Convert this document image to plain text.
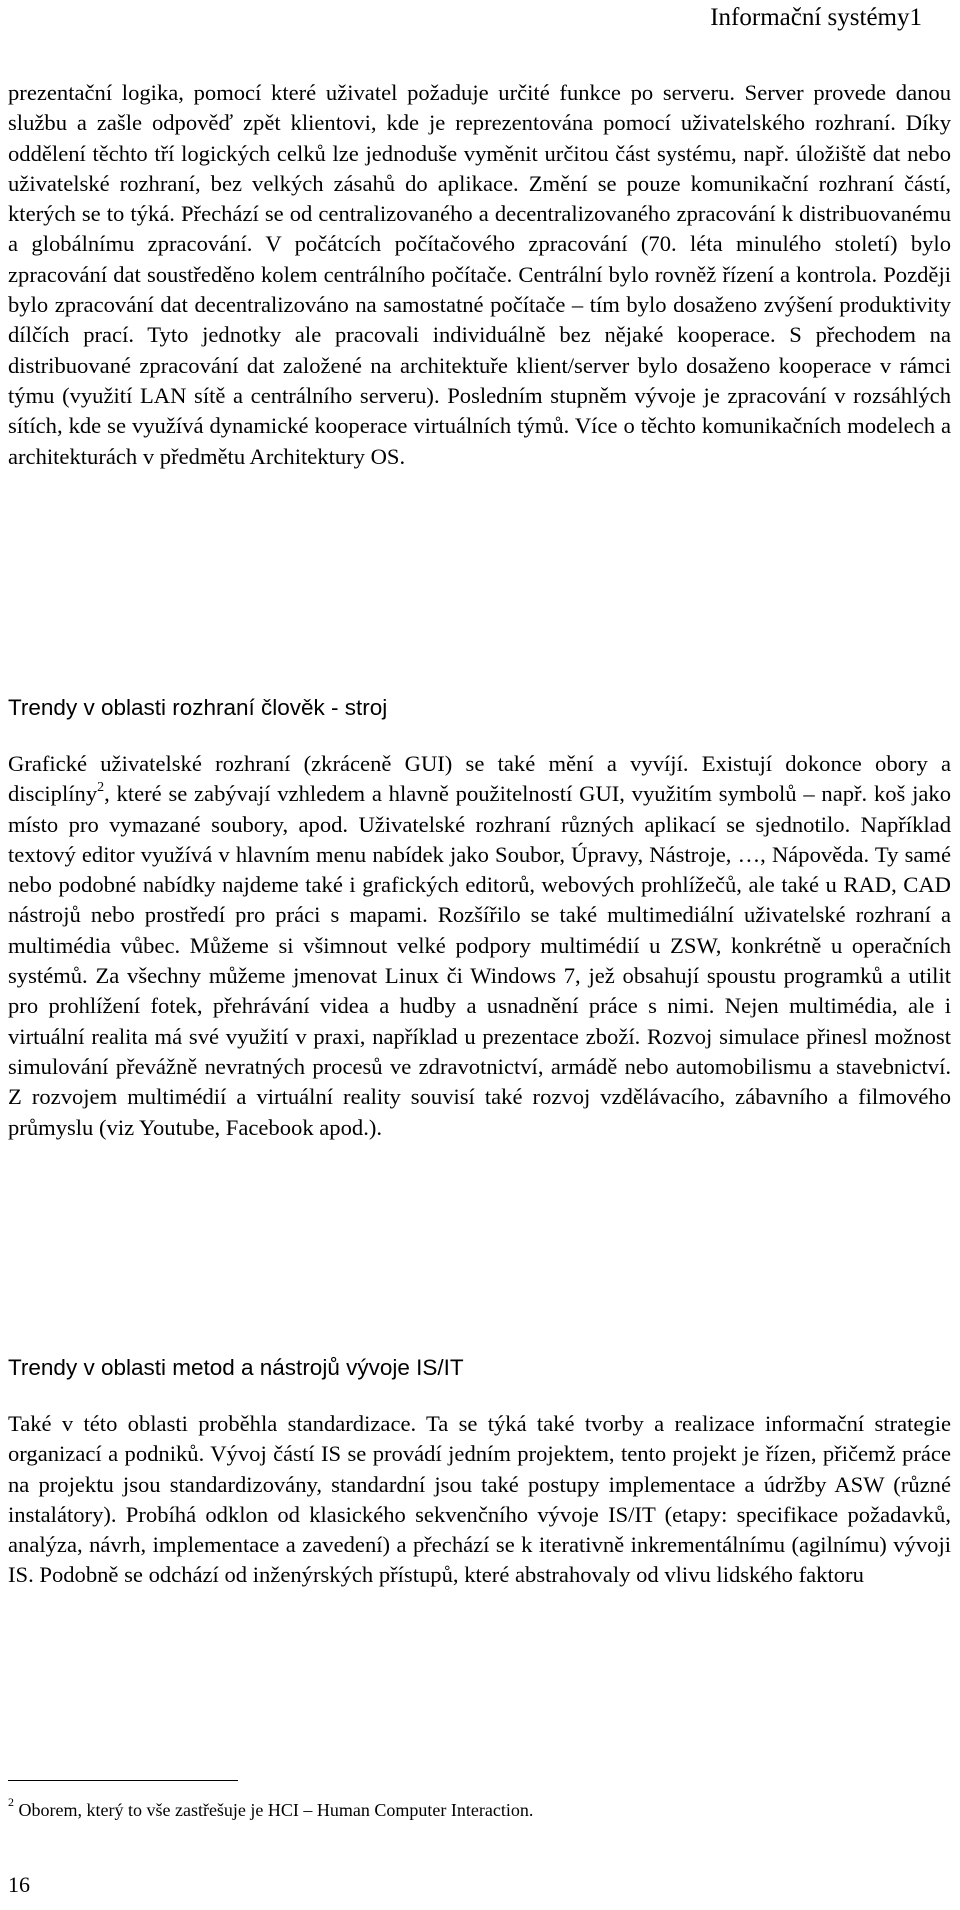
Informační systémy1

prezentační logika, pomocí které uživatel požaduje určité funkce po serveru. Server provede danou službu a zašle odpověď zpět klientovi, kde je reprezentována pomocí uživatelského rozhraní. Díky oddělení těchto tří logických celků lze jednoduše vyměnit určitou část systému, např. úložiště dat nebo uživatelské rozhraní, bez velkých zásahů do aplikace. Změní se pouze komunikační rozhraní částí, kterých se to týká. Přechází se od centralizovaného a decentralizovaného zpracování k distribuovanému a globálnímu zpracování. V počátcích počítačového zpracování (70. léta minulého století) bylo zpracování dat soustředěno kolem centrálního počítače. Centrální bylo rovněž řízení a kontrola. Později bylo zpracování dat decentralizováno na samostatné počítače – tím bylo dosaženo zvýšení produktivity dílčích prací. Tyto jednotky ale pracovali individuálně bez nějaké kooperace. S přechodem na distribuované zpracování dat založené na architektuře klient/server bylo dosaženo kooperace v rámci týmu (využití LAN sítě a centrálního serveru). Posledním stupněm vývoje je zpracování v rozsáhlých sítích, kde se využívá dynamické kooperace virtuálních týmů. Více o těchto komunikačních modelech a architekturách v předmětu Architektury OS.

Trendy v oblasti rozhraní člověk - stroj

Grafické uživatelské rozhraní (zkráceně GUI) se také mění a vyvíjí. Existují dokonce obory a disciplíny$^2$, které se zabývají vzhledem a hlavně použitelností GUI, využitím symbolů – např. koš jako místo pro vymazané soubory, apod. Uživatelské rozhraní různých aplikací se sjednotilo. Například textový editor využívá v hlavním menu nabídek jako Soubor, Úpravy, Nástroje, …, Nápověda. Ty samé nebo podobné nabídky najdeme také i grafických editorů, webových prohlížečů, ale také u RAD, CAD nástrojů nebo prostředí pro práci s mapami. Rozšířilo se také multimediální uživatelské rozhraní a multimédia vůbec. Můžeme si všimnout velké podpory multimédií u ZSW, konkrétně u operačních systémů. Za všechny můžeme jmenovat Linux či Windows 7, jež obsahují spoustu programků a utilit pro prohlížení fotek, přehrávání videa a hudby a usnadnění práce s nimi. Nejen multimédia, ale i virtuální realita má své využití v praxi, například u prezentace zboží. Rozvoj simulace přinesl možnost simulování převážně nevratných procesů ve zdravotnictví, armádě nebo automobilismu a stavebnictví. Z rozvojem multimédií a virtuální reality souvisí také rozvoj vzdělávacího, zábavního a filmového průmyslu (viz Youtube, Facebook apod.).

Trendy v oblasti metod a nástrojů vývoje IS/IT

Také v této oblasti proběhla standardizace. Ta se týká také tvorby a realizace informační strategie organizací a podniků. Vývoj částí IS se provádí jedním projektem, tento projekt je řízen, přičemž práce na projektu jsou standardizovány, standardní jsou také postupy implementace a údržby ASW (různé instalátory). Probíhá odklon od klasického sekvenčního vývoje IS/IT (etapy: specifikace požadavků, analýza, návrh, implementace a zavedení) a přechází se k iterativně inkrementálnímu (agilnímu) vývoji IS. Podobně se odchází od inženýrských přístupů, které abstrahovaly od vlivu lidského faktoru

$^2$ Oborem, který to vše zastřešuje je HCI – Human Computer Interaction.

16
